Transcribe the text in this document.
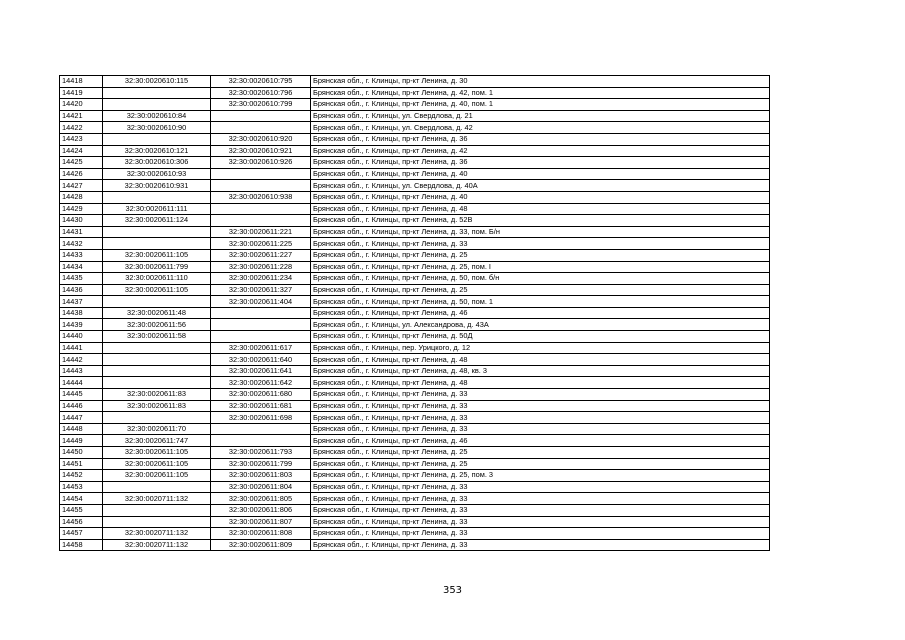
14418	32:30:0020610:115	32:30:0020610:795	Брянская обл., г. Клинцы, пр-кт Ленина, д. 30
14419		32:30:0020610:796	Брянская обл., г. Клинцы, пр-кт Ленина, д. 42, пом. 1
14420		32:30:0020610:799	Брянская обл., г. Клинцы, пр-кт Ленина, д. 40, пом. 1
14421	32:30:0020610:84		Брянская обл., г. Клинцы, ул. Свердлова, д. 21
14422	32:30:0020610:90		Брянская обл., г. Клинцы, ул. Свердлова, д. 42
14423		32:30:0020610:920	Брянская обл., г. Клинцы, пр-кт Ленина, д. 36
14424	32:30:0020610:121	32:30:0020610:921	Брянская обл., г. Клинцы, пр-кт Ленина, д. 42
14425	32:30:0020610:306	32:30:0020610:926	Брянская обл., г. Клинцы, пр-кт Ленина, д. 36
14426	32:30:0020610:93		Брянская обл., г. Клинцы, пр-кт Ленина, д. 40
14427	32:30:0020610:931		Брянская обл., г. Клинцы, ул. Свердлова, д. 40А
14428		32:30:0020610:938	Брянская обл., г. Клинцы, пр-кт Ленина, д. 40
14429	32:30:0020611:111		Брянская обл., г. Клинцы, пр-кт Ленина, д. 48
14430	32:30:0020611:124		Брянская обл., г. Клинцы, пр-кт Ленина, д. 52В
14431		32:30:0020611:221	Брянская обл., г. Клинцы, пр-кт Ленина, д. 33, пом. Б/н
14432		32:30:0020611:225	Брянская обл., г. Клинцы, пр-кт Ленина, д. 33
14433	32:30:0020611:105	32:30:0020611:227	Брянская обл., г. Клинцы, пр-кт Ленина, д. 25
14434	32:30:0020611:799	32:30:0020611:228	Брянская обл., г. Клинцы, пр-кт Ленина, д. 25, пом. I
14435	32:30:0020611:110	32:30:0020611:234	Брянская обл., г. Клинцы, пр-кт Ленина, д. 50, пом. б/н
14436	32:30:0020611:105	32:30:0020611:327	Брянская обл., г. Клинцы, пр-кт Ленина, д. 25
14437		32:30:0020611:404	Брянская обл., г. Клинцы, пр-кт Ленина, д. 50, пом. 1
14438	32:30:0020611:48		Брянская обл., г. Клинцы, пр-кт Ленина, д. 46
14439	32:30:0020611:56		Брянская обл., г. Клинцы, ул. Александрова, д. 43А
14440	32:30:0020611:58		Брянская обл., г. Клинцы, пр-кт Ленина, д. 50Д
14441		32:30:0020611:617	Брянская обл., г. Клинцы, пер. Урицкого, д. 12
14442		32:30:0020611:640	Брянская обл., г. Клинцы, пр-кт Ленина, д. 48
14443		32:30:0020611:641	Брянская обл., г. Клинцы, пр-кт Ленина, д. 48, кв. 3
14444		32:30:0020611:642	Брянская обл., г. Клинцы, пр-кт Ленина, д. 48
14445	32:30:0020611:83	32:30:0020611:680	Брянская обл., г. Клинцы, пр-кт Ленина, д. 33
14446	32:30:0020611:83	32:30:0020611:681	Брянская обл., г. Клинцы, пр-кт Ленина, д. 33
14447		32:30:0020611:698	Брянская обл., г. Клинцы, пр-кт Ленина, д. 33
14448	32:30:0020611:70		Брянская обл., г. Клинцы, пр-кт Ленина, д. 33
14449	32:30:0020611:747		Брянская обл., г. Клинцы, пр-кт Ленина, д. 46
14450	32:30:0020611:105	32:30:0020611:793	Брянская обл., г. Клинцы, пр-кт Ленина, д. 25
14451	32:30:0020611:105	32:30:0020611:799	Брянская обл., г. Клинцы, пр-кт Ленина, д. 25
14452	32:30:0020611:105	32:30:0020611:803	Брянская обл., г. Клинцы, пр-кт Ленина, д. 25, пом. 3
14453		32:30:0020611:804	Брянская обл., г. Клинцы, пр-кт Ленина, д. 33
14454	32:30:0020711:132	32:30:0020611:805	Брянская обл., г. Клинцы, пр-кт Ленина, д. 33
14455		32:30:0020611:806	Брянская обл., г. Клинцы, пр-кт Ленина, д. 33
14456		32:30:0020611:807	Брянская обл., г. Клинцы, пр-кт Ленина, д. 33
14457	32:30:0020711:132	32:30:0020611:808	Брянская обл., г. Клинцы, пр-кт Ленина, д. 33
14458	32:30:0020711:132	32:30:0020611:809	Брянская обл., г. Клинцы, пр-кт Ленина, д. 33
353
